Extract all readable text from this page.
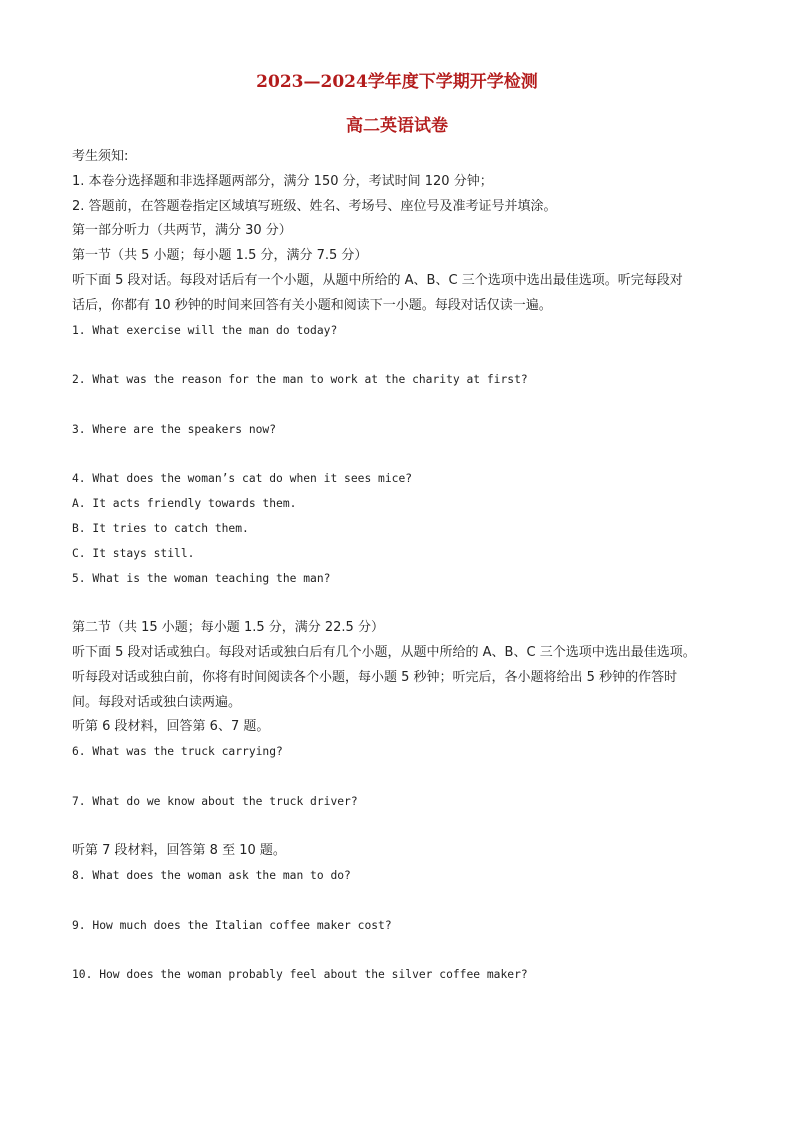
2023—2024学年度下学期开学检测
高二英语试卷
考生须知:
1. 本卷分选择题和非选择题两部分，满分 150 分，考试时间 120 分钟；
2. 答题前，在答题卷指定区域填写班级、姓名、考场号、座位号及准考证号并填涂。
第一部分听力（共两节，满分 30 分）
第一节（共 5 小题；每小题 1.5 分，满分 7.5 分）
听下面 5 段对话。每段对话后有一个小题，从题中所给的 A、B、C 三个选项中选出最佳选项。听完每段对
话后，你都有 10 秒钟的时间来回答有关小题和阅读下一小题。每段对话仅读一遍。
1. What exercise will the man do today?

2. What was the reason for the man to work at the charity at first?

3. Where are the speakers now?

4. What does the woman’s cat do when it sees mice?
A. It acts friendly towards them.
B. It tries to catch them.
C. It stays still.
5. What is the woman teaching the man?

第二节（共 15 小题；每小题 1.5 分，满分 22.5 分）
听下面 5 段对话或独白。每段对话或独白后有几个小题，从题中所给的 A、B、C 三个选项中选出最佳选项。
听每段对话或独白前，你将有时间阅读各个小题，每小题 5 秒钟；听完后，各小题将给出 5 秒钟的作答时
间。每段对话或独白读两遍。
听第 6 段材料，回答第 6、7 题。
6. What was the truck carrying?

7. What do we know about the truck driver?

听第 7 段材料，回答第 8 至 10 题。
8. What does the woman ask the man to do?

9. How much does the Italian coffee maker cost?

10. How does the woman probably feel about the silver coffee maker?
